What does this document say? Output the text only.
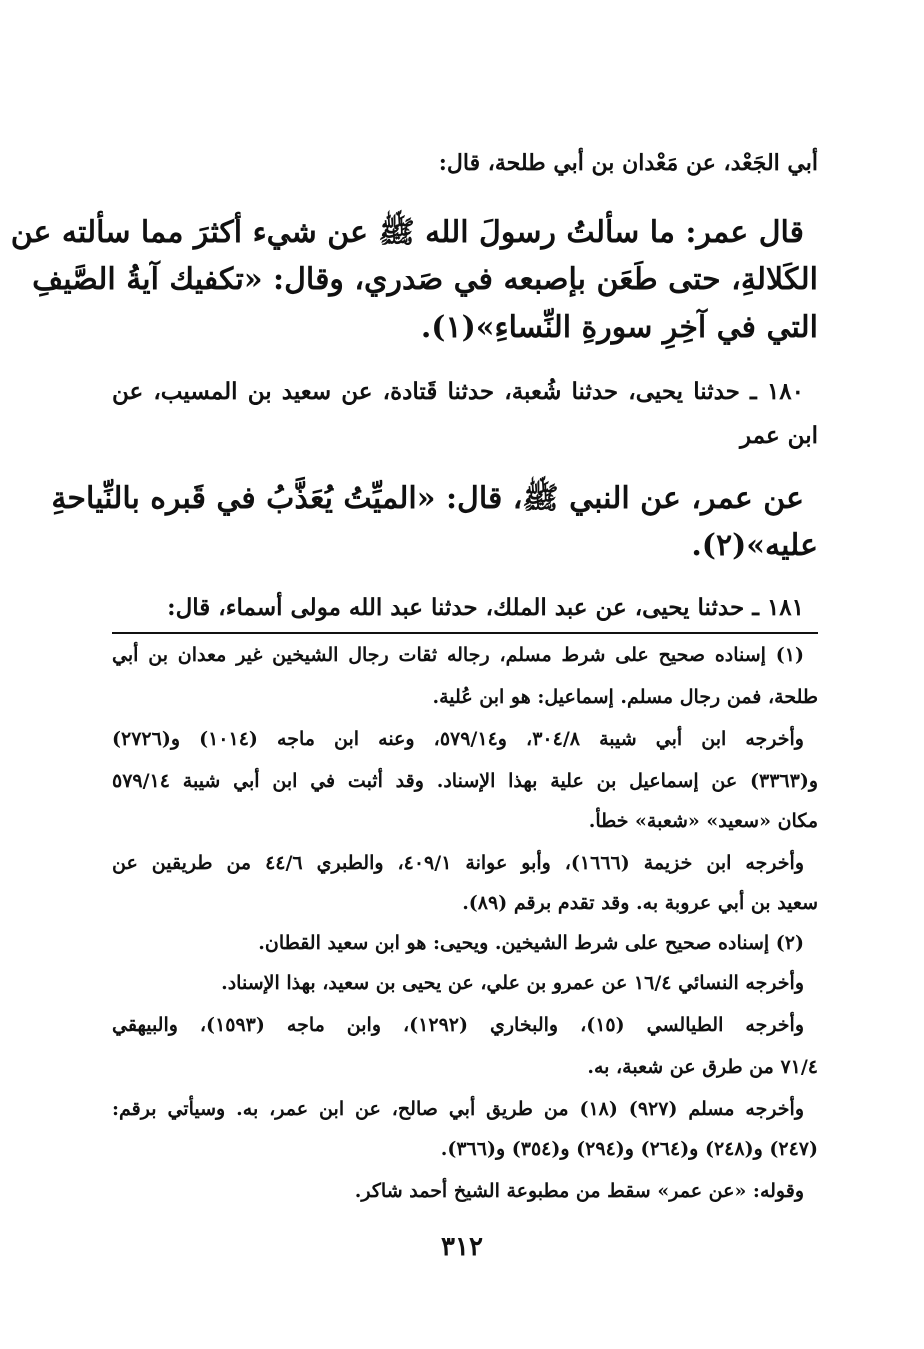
أبي الجَعْد، عن مَعْدان بن أبي طلحة، قال:
قال عمر: ما سألتُ رسولَ الله ﷺ عن شيء أكثرَ مما سألته عن
الكَلالةِ، حتى طَعَن بإصبعه في صَدري، وقال: «تكفيك آيةُ الصَّيفِ
التي في آخِرِ سورةِ النِّساءِ»(١).
١٨٠ ـ حدثنا يحيى، حدثنا شُعبة، حدثنا قَتادة، عن سعيد بن المسيب، عن
ابن عمر
عن عمر، عن النبي ﷺ، قال: «الميِّتُ يُعَذَّبُ في قَبره بالنِّياحةِ
عليه»(٢).
١٨١ ـ حدثنا يحيى، عن عبد الملك، حدثنا عبد الله مولى أسماء، قال:
(١) إسناده صحيح على شرط مسلم، رجاله ثقات رجال الشيخين غير معدان بن أبي
طلحة، فمن رجال مسلم. إسماعيل: هو ابن عُلية.
وأخرجه ابن أبي شيبة ٣٠٤/٨، و٥٧٩/١٤، وعنه ابن ماجه (١٠١٤) و(٢٧٢٦)
و(٣٣٦٣) عن إسماعيل بن علية بهذا الإسناد. وقد أثبت في ابن أبي شيبة ٥٧٩/١٤
مكان «سعيد» «شعبة» خطأ.
وأخرجه ابن خزيمة (١٦٦٦)، وأبو عوانة ٤٠٩/١، والطبري ٤٤/٦ من طريقين عن
سعيد بن أبي عروبة به. وقد تقدم برقم (٨٩).
(٢) إسناده صحيح على شرط الشيخين. ويحيى: هو ابن سعيد القطان.
وأخرجه النسائي ١٦/٤ عن عمرو بن علي، عن يحيى بن سعيد، بهذا الإسناد.
وأخرجه الطيالسي (١٥)، والبخاري (١٢٩٢)، وابن ماجه (١٥٩٣)، والبيهقي
٧١/٤ من طرق عن شعبة، به.
وأخرجه مسلم (٩٢٧) (١٨) من طريق أبي صالح، عن ابن عمر، به. وسيأتي برقم:
(٢٤٧) و(٢٤٨) و(٢٦٤) و(٢٩٤) و(٣٥٤) و(٣٦٦).
وقوله: «عن عمر» سقط من مطبوعة الشيخ أحمد شاكر.
٣١٢
